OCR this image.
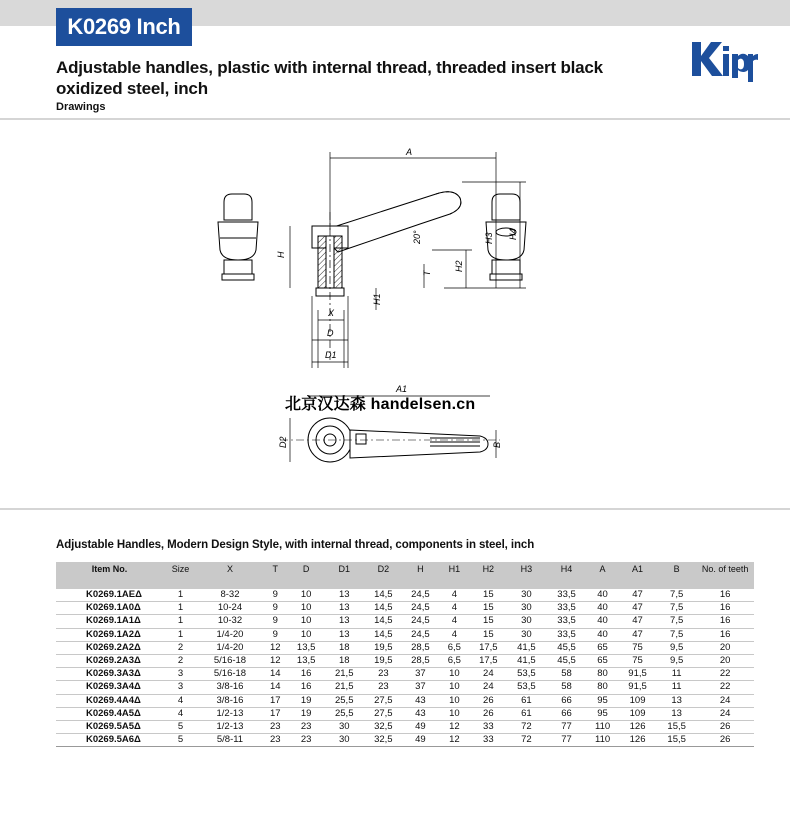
K0269 Inch
Adjustable handles, plastic with internal thread, threaded insert black oxidized steel, inch
Drawings
A
H
H3 H4
H2
20°
T
H1
X
D
D1
A1
D2	B
北京汉达森 handelsen.cn
Adjustable Handles, Modern Design Style, with internal thread, components in steel, inch
Item No.	Size	X	T	D	D1	D2	H	H1	H2	H3	H4	A	A1	B	No. of teeth
K0269.1AEΔ	1	8-32	9	10	13	14,5	24,5	4	15	30	33,5	40	47	7,5	16
K0269.1A0Δ	1	10-24	9	10	13	14,5	24,5	4	15	30	33,5	40	47	7,5	16
K0269.1A1Δ	1	10-32	9	10	13	14,5	24,5	4	15	30	33,5	40	47	7,5	16
K0269.1A2Δ	1	1/4-20	9	10	13	14,5	24,5	4	15	30	33,5	40	47	7,5	16
K0269.2A2Δ	2	1/4-20	12	13,5	18	19,5	28,5	6,5	17,5	41,5	45,5	65	75	9,5	20
K0269.2A3Δ	2	5/16-18	12	13,5	18	19,5	28,5	6,5	17,5	41,5	45,5	65	75	9,5	20
K0269.3A3Δ	3	5/16-18	14	16	21,5	23	37	10	24	53,5	58	80	91,5	11	22
K0269.3A4Δ	3	3/8-16	14	16	21,5	23	37	10	24	53,5	58	80	91,5	11	22
K0269.4A4Δ	4	3/8-16	17	19	25,5	27,5	43	10	26	61	66	95	109	13	24
K0269.4A5Δ	4	1/2-13	17	19	25,5	27,5	43	10	26	61	66	95	109	13	24
K0269.5A5Δ	5	1/2-13	23	23	30	32,5	49	12	33	72	77	110	126	15,5	26
K0269.5A6Δ	5	5/8-11	23	23	30	32,5	49	12	33	72	77	110	126	15,5	26
